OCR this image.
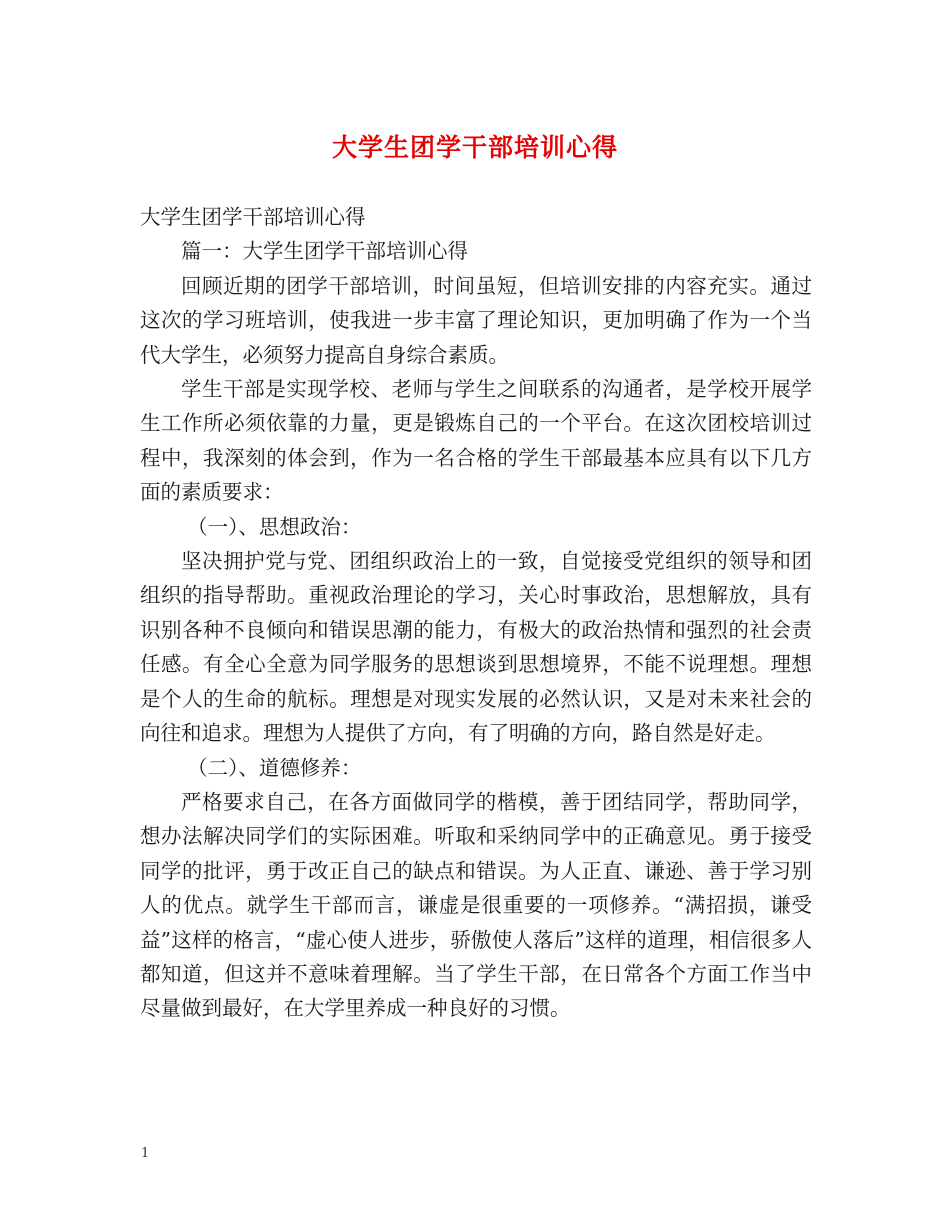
大学生团学干部培训心得

大学生团学干部培训心得

篇一：大学生团学干部培训心得

回顾近期的团学干部培训，时间虽短，但培训安排的内容充实。通过这次的学习班培训，使我进一步丰富了理论知识，更加明确了作为一个当代大学生，必须努力提高自身综合素质。

学生干部是实现学校、老师与学生之间联系的沟通者，是学校开展学生工作所必须依靠的力量，更是锻炼自己的一个平台。在这次团校培训过程中，我深刻的体会到，作为一名合格的学生干部最基本应具有以下几方面的素质要求：

（一）、思想政治：

坚决拥护党与党、团组织政治上的一致，自觉接受党组织的领导和团组织的指导帮助。重视政治理论的学习，关心时事政治，思想解放，具有识别各种不良倾向和错误思潮的能力，有极大的政治热情和强烈的社会责任感。有全心全意为同学服务的思想谈到思想境界，不能不说理想。理想是个人的生命的航标。理想是对现实发展的必然认识，又是对未来社会的向往和追求。理想为人提供了方向，有了明确的方向，路自然是好走。

（二）、道德修养：

严格要求自己，在各方面做同学的楷模，善于团结同学，帮助同学，想办法解决同学们的实际困难。听取和采纳同学中的正确意见。勇于接受同学的批评，勇于改正自己的缺点和错误。为人正直、谦逊、善于学习别人的优点。就学生干部而言，谦虚是很重要的一项修养。“满招损，谦受益”这样的格言，“虚心使人进步，骄傲使人落后”这样的道理，相信很多人都知道，但这并不意味着理解。当了学生干部，在日常各个方面工作当中尽量做到最好，在大学里养成一种良好的习惯。

1
